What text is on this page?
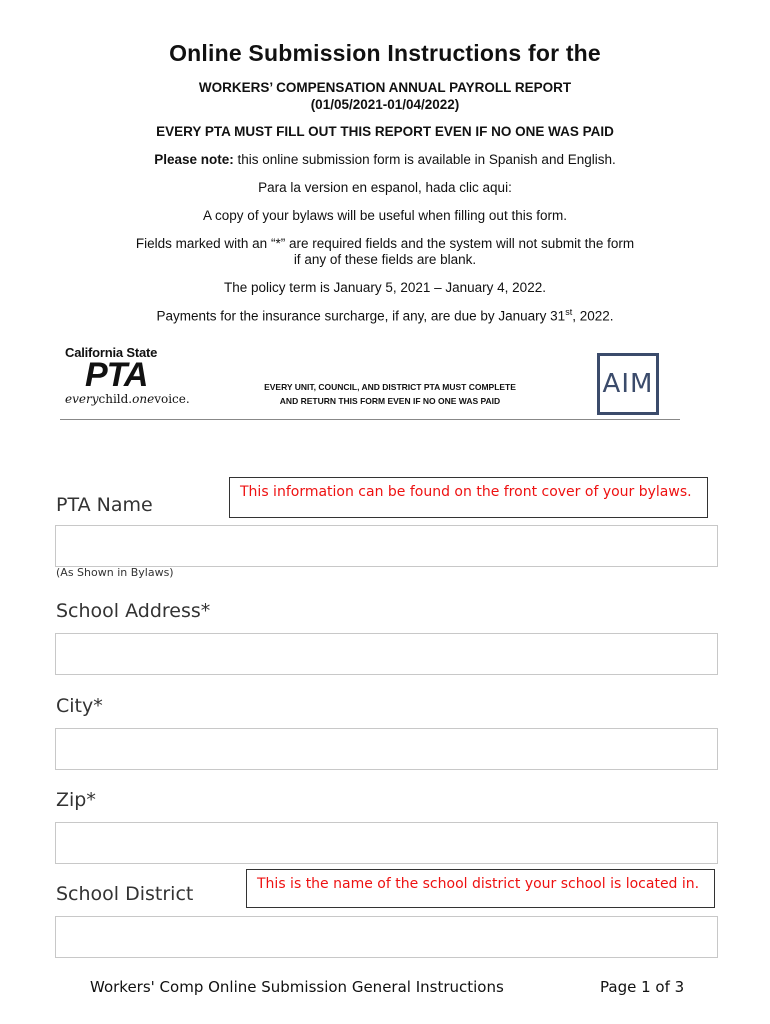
Online Submission Instructions for the
WORKERS’ COMPENSATION ANNUAL PAYROLL REPORT
(01/05/2021-01/04/2022)
EVERY PTA MUST FILL OUT THIS REPORT EVEN IF NO ONE WAS PAID
Please note: this online submission form is available in Spanish and English.
Para la version en espanol, hada clic aqui:
A copy of your bylaws will be useful when filling out this form.
Fields marked with an “*” are required fields and the system will not submit the form
if any of these fields are blank.
The policy term is January 5, 2021 – January 4, 2022.
Payments for the insurance surcharge, if any, are due by January 31st, 2022.
California State
PTA
everychild.onevoice.
EVERY UNIT, COUNCIL, AND DISTRICT PTA MUST COMPLETE
AND RETURN THIS FORM EVEN IF NO ONE WAS PAID
AIM
PTA Name
This information can be found on the front cover of your bylaws.
(As Shown in Bylaws)
School Address*
City*
Zip*
School District	This is the name of the school district your school is located in.
Workers' Comp Online Submission General Instructions	Page 1 of 3
